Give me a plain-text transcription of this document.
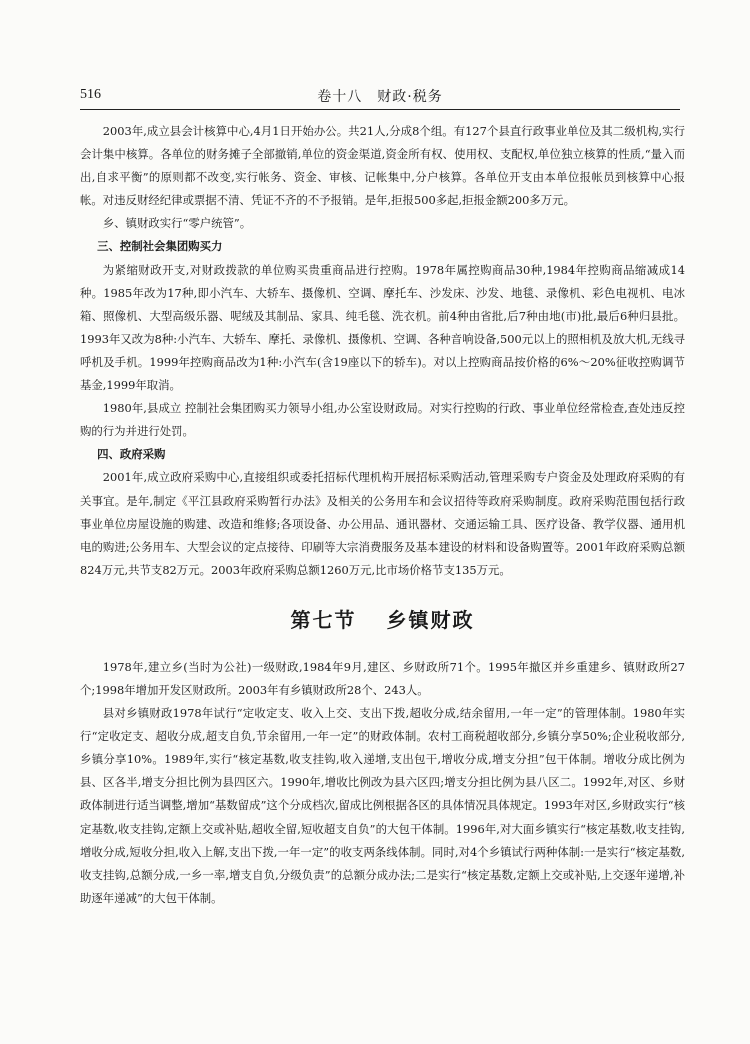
516	卷十八　财政·税务

2003年,成立县会计核算中心,4月1日开始办公。共21人,分成8个组。有127个县直行政事业单位及其二级机构,实行会计集中核算。各单位的财务摊子全部撤销,单位的资金渠道,资金所有权、使用权、支配权,单位独立核算的性质,“量入而出,自求平衡”的原则都不改变,实行帐务、资金、审核、记帐集中,分户核算。各单位开支由本单位报帐员到核算中心报帐。对违反财经纪律或票据不清、凭证不齐的不予报销。是年,拒报500多起,拒报金额200多万元。

乡、镇财政实行“零户统管”。

三、控制社会集团购买力

为紧缩财政开支,对财政拨款的单位购买贵重商品进行控购。1978年属控购商品30种,1984年控购商品缩减成14种。1985年改为17种,即小汽车、大轿车、摄像机、空调、摩托车、沙发床、沙发、地毯、录像机、彩色电视机、电冰箱、照像机、大型高级乐器、呢绒及其制品、家具、纯毛毯、洗衣机。前4种由省批,后7种由地(市)批,最后6种归县批。1993年又改为8种:小汽车、大轿车、摩托、录像机、摄像机、空调、各种音响设备,500元以上的照相机及放大机,无线寻呼机及手机。1999年控购商品改为1种:小汽车(含19座以下的轿车)。对以上控购商品按价格的6%～20%征收控购调节基金,1999年取消。

1980年,县成立 控制社会集团购买力领导小组,办公室设财政局。对实行控购的行政、事业单位经常检查,查处违反控购的行为并进行处罚。

四、政府采购

2001年,成立政府采购中心,直接组织或委托招标代理机构开展招标采购活动,管理采购专户资金及处理政府采购的有关事宜。是年,制定《平江县政府采购暂行办法》及相关的公务用车和会议招待等政府采购制度。政府采购范围包括行政事业单位房屋设施的购建、改造和维修;各项设备、办公用品、通讯器材、交通运输工具、医疗设备、教学仪器、通用机电的购进;公务用车、大型会议的定点接待、印刷等大宗消费服务及基本建设的材料和设备购置等。2001年政府采购总额824万元,共节支82万元。2003年政府采购总额1260万元,比市场价格节支135万元。

第七节 乡镇财政

1978年,建立乡(当时为公社)一级财政,1984年9月,建区、乡财政所71个。1995年撤区并乡重建乡、镇财政所27个;1998年增加开发区财政所。2003年有乡镇财政所28个、243人。

县对乡镇财政1978年试行“定收定支、收入上交、支出下拨,超收分成,结余留用,一年一定”的管理体制。1980年实行“定收定支、超收分成,超支自负,节余留用,一年一定”的财政体制。农村工商税超收部分,乡镇分享50%;企业税收部分,乡镇分享10%。1989年,实行“核定基数,收支挂钩,收入递增,支出包干,增收分成,增支分担”包干体制。增收分成比例为县、区各半,增支分担比例为县四区六。1990年,增收比例改为县六区四;增支分担比例为县八区二。1992年,对区、乡财政体制进行适当调整,增加“基数留成”这个分成档次,留成比例根据各区的具体情况具体规定。1993年对区,乡财政实行“核定基数,收支挂钩,定额上交或补贴,超收全留,短收超支自负”的大包干体制。1996年,对大面乡镇实行“核定基数,收支挂钩,增收分成,短收分担,收入上解,支出下拨,一年一定”的收支两条线体制。同时,对4个乡镇试行两种体制:一是实行“核定基数,收支挂钩,总额分成,一乡一率,增支自负,分级负责”的总额分成办法;二是实行“核定基数,定额上交或补贴,上交逐年递增,补助逐年递减”的大包干体制。
